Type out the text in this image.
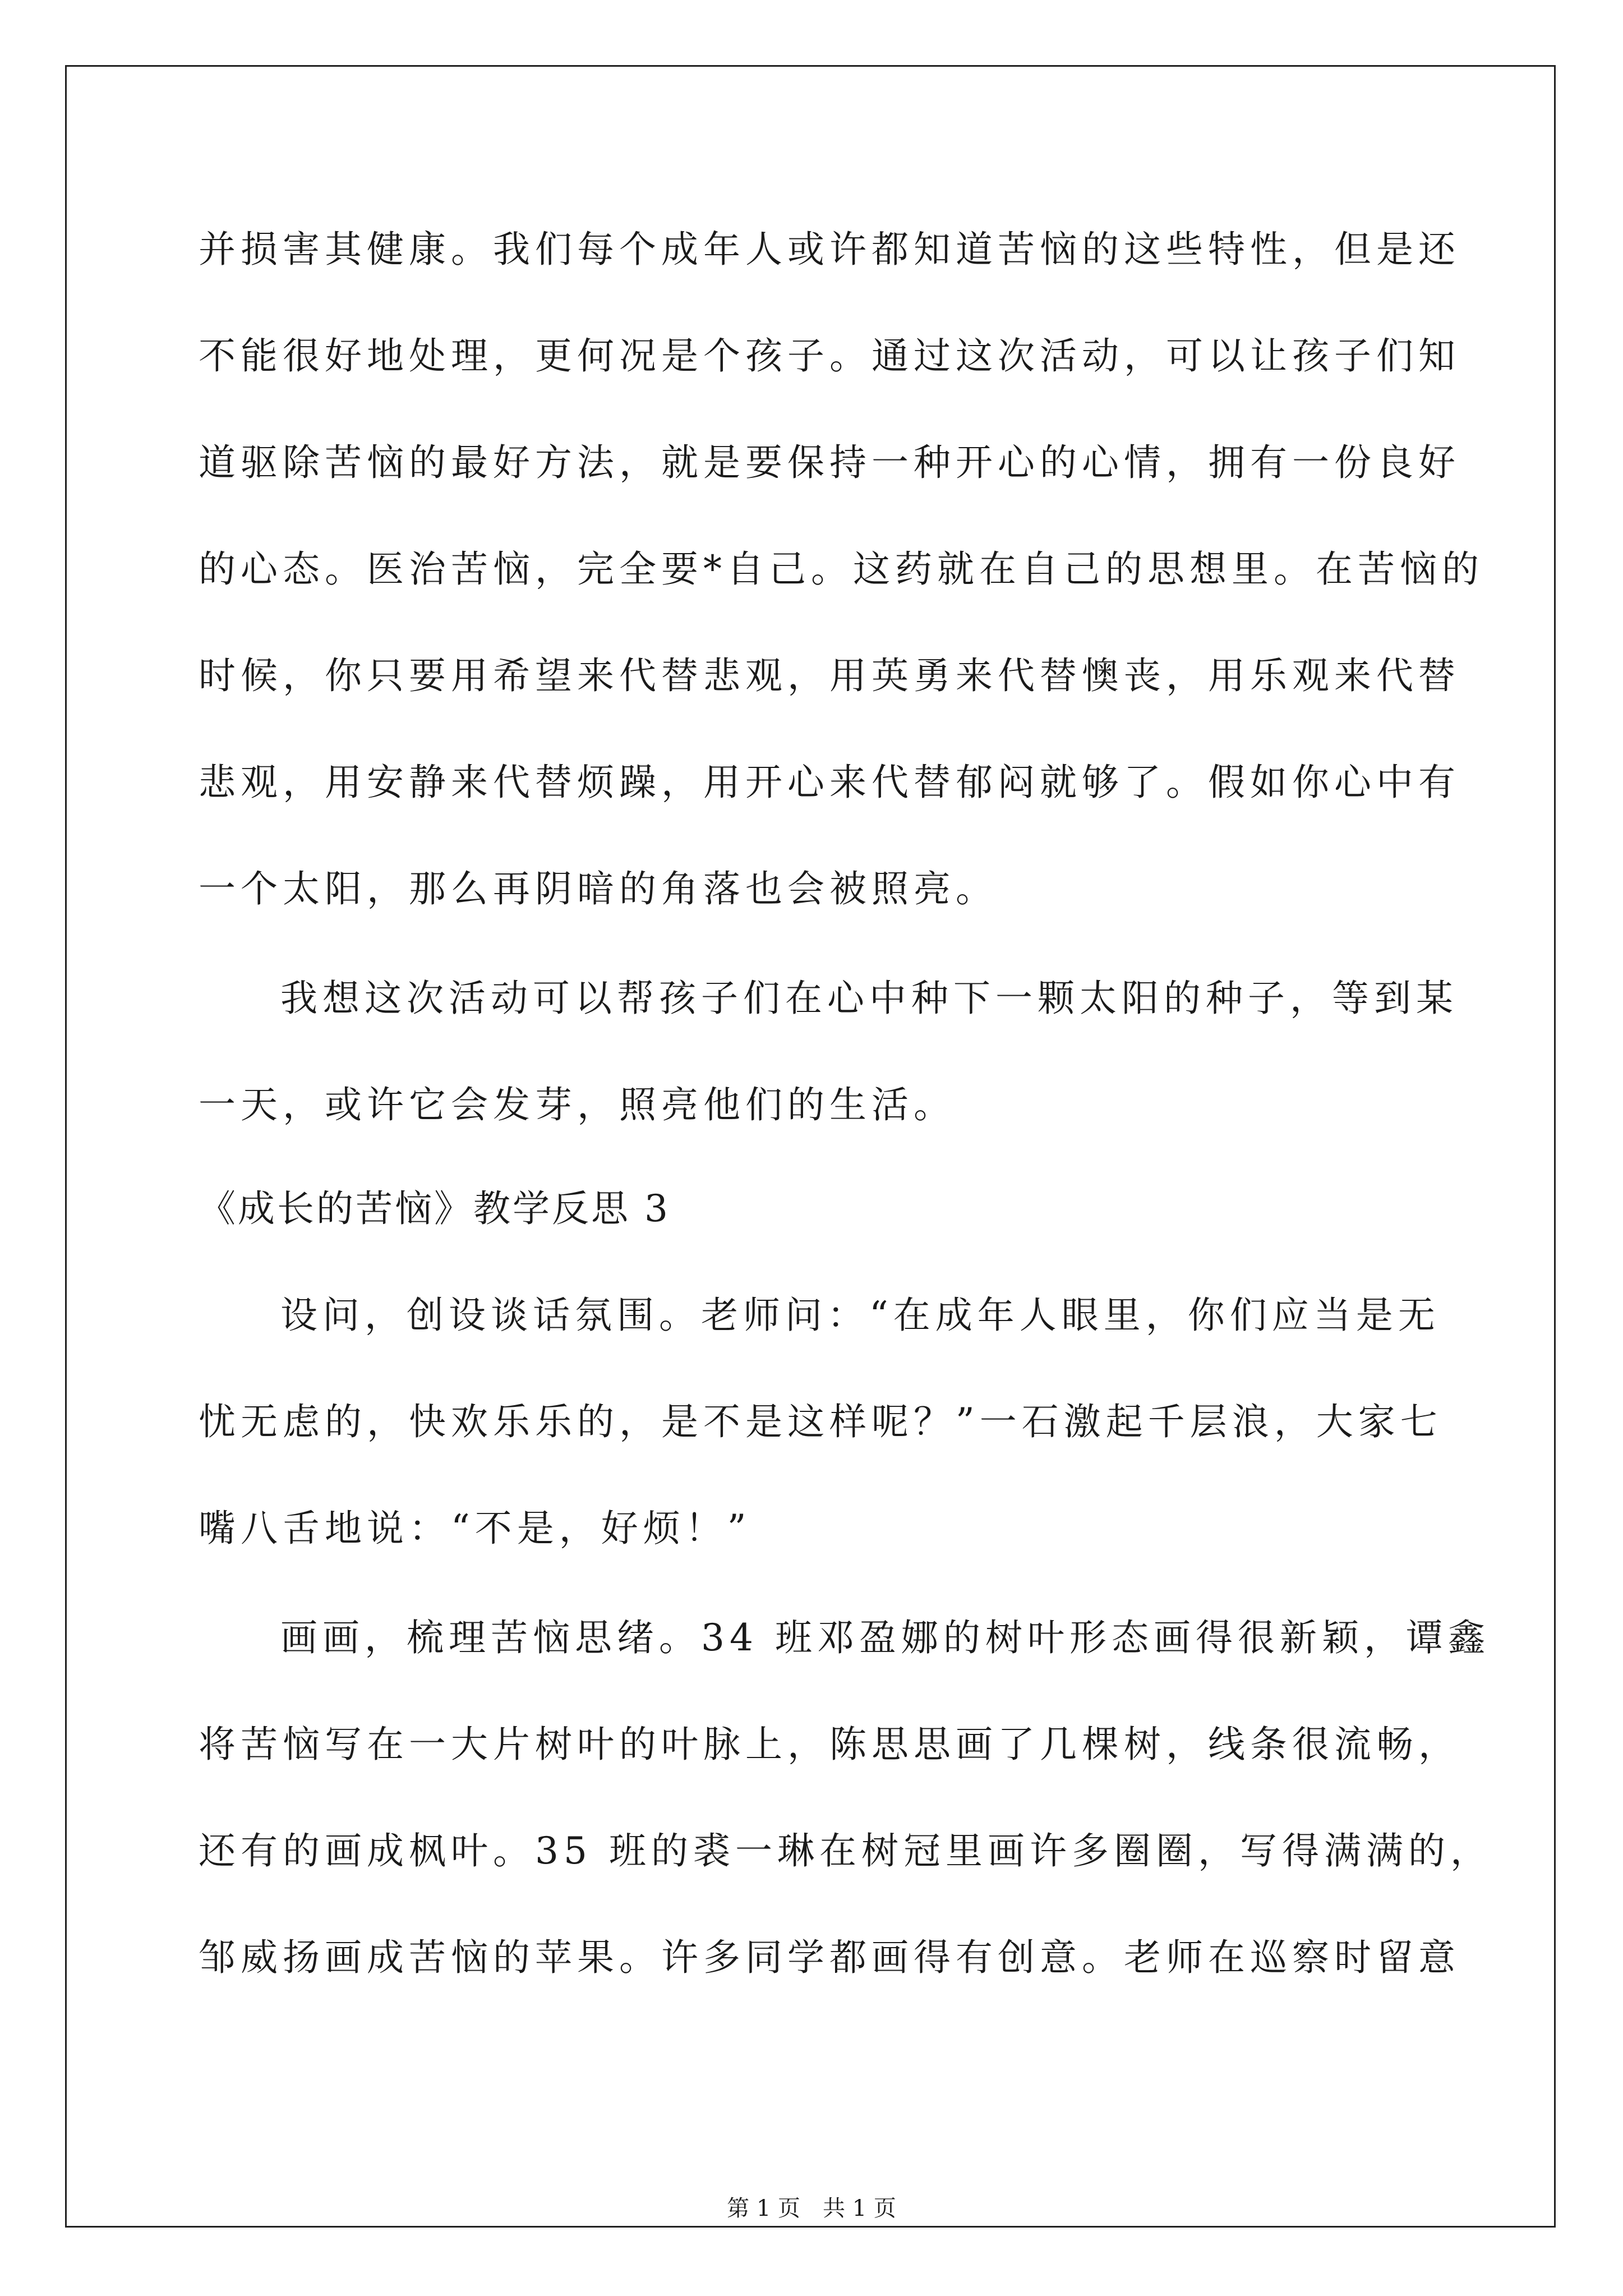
并损害其健康。我们每个成年人或许都知道苦恼的这些特性，但是还
不能很好地处理，更何况是个孩子。通过这次活动，可以让孩子们知
道驱除苦恼的最好方法，就是要保持一种开心的心情，拥有一份良好
的心态。医治苦恼，完全要*自己。这药就在自己的思想里。在苦恼的
时候，你只要用希望来代替悲观，用英勇来代替懊丧，用乐观来代替
悲观，用安静来代替烦躁，用开心来代替郁闷就够了。假如你心中有
一个太阳，那么再阴暗的角落也会被照亮。
我想这次活动可以帮孩子们在心中种下一颗太阳的种子，等到某
一天，或许它会发芽，照亮他们的生活。
《成长的苦恼》教学反思 3
设问，创设谈话氛围。老师问：“在成年人眼里，你们应当是无
忧无虑的，快欢乐乐的，是不是这样呢？”一石激起千层浪，大家七
嘴八舌地说：“不是，好烦！”
画画，梳理苦恼思绪。34 班邓盈娜的树叶形态画得很新颖，谭鑫
将苦恼写在一大片树叶的叶脉上，陈思思画了几棵树，线条很流畅，
还有的画成枫叶。35 班的裘一琳在树冠里画许多圈圈，写得满满的，
邹威扬画成苦恼的苹果。许多同学都画得有创意。老师在巡察时留意
第 1 页　共 1 页
